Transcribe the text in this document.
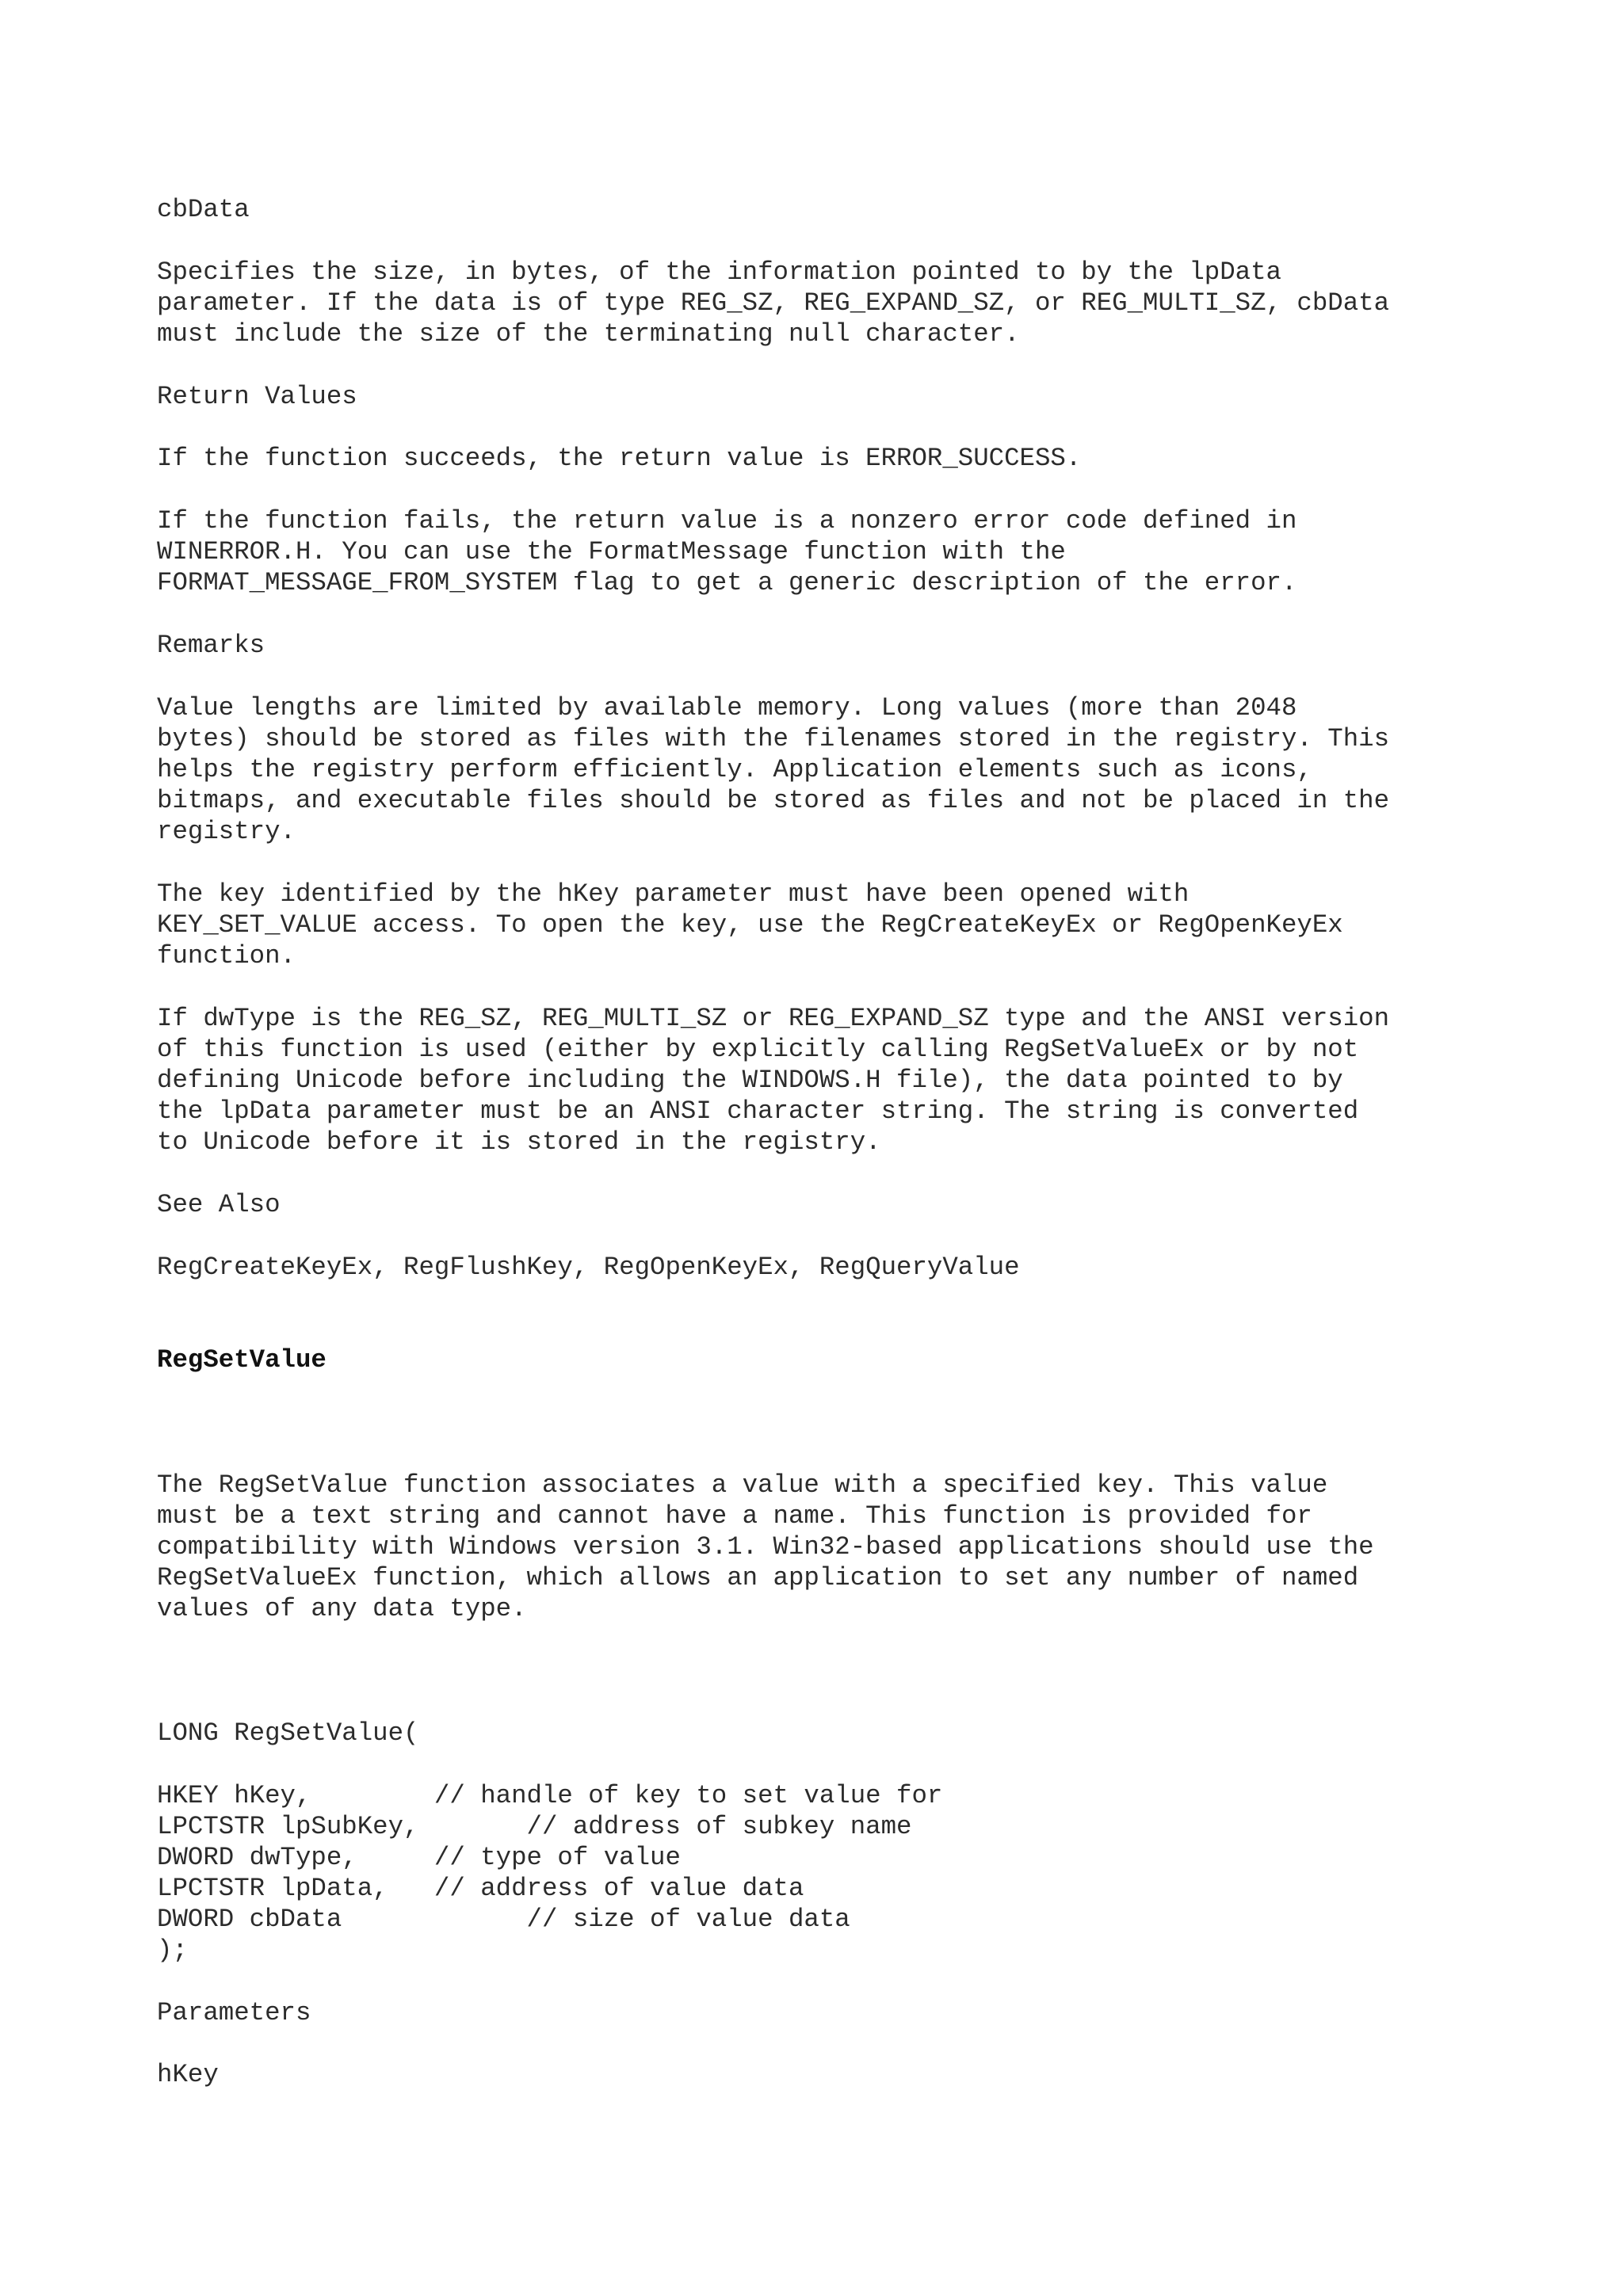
cbData
Specifies the size, in bytes, of the information pointed to by the lpData
parameter. If the data is of type REG_SZ, REG_EXPAND_SZ, or REG_MULTI_SZ, cbData
must include the size of the terminating null character.
Return Values
If the function succeeds, the return value is ERROR_SUCCESS.
If the function fails, the return value is a nonzero error code defined in
WINERROR.H. You can use the FormatMessage function with the
FORMAT_MESSAGE_FROM_SYSTEM flag to get a generic description of the error.
Remarks
Value lengths are limited by available memory. Long values (more than 2048
bytes) should be stored as files with the filenames stored in the registry. This
helps the registry perform efficiently. Application elements such as icons,
bitmaps, and executable files should be stored as files and not be placed in the
registry.
The key identified by the hKey parameter must have been opened with
KEY_SET_VALUE access. To open the key, use the RegCreateKeyEx or RegOpenKeyEx
function.
If dwType is the REG_SZ, REG_MULTI_SZ or REG_EXPAND_SZ type and the ANSI version
of this function is used (either by explicitly calling RegSetValueEx or by not
defining Unicode before including the WINDOWS.H file), the data pointed to by
the lpData parameter must be an ANSI character string. The string is converted
to Unicode before it is stored in the registry.
See Also
RegCreateKeyEx, RegFlushKey, RegOpenKeyEx, RegQueryValue
RegSetValue
The RegSetValue function associates a value with a specified key. This value
must be a text string and cannot have a name. This function is provided for
compatibility with Windows version 3.1. Win32-based applications should use the
RegSetValueEx function, which allows an application to set any number of named
values of any data type.
LONG RegSetValue(
HKEY hKey,        // handle of key to set value for
LPCTSTR lpSubKey,       // address of subkey name
DWORD dwType,     // type of value
LPCTSTR lpData,   // address of value data
DWORD cbData            // size of value data
);
Parameters
hKey
